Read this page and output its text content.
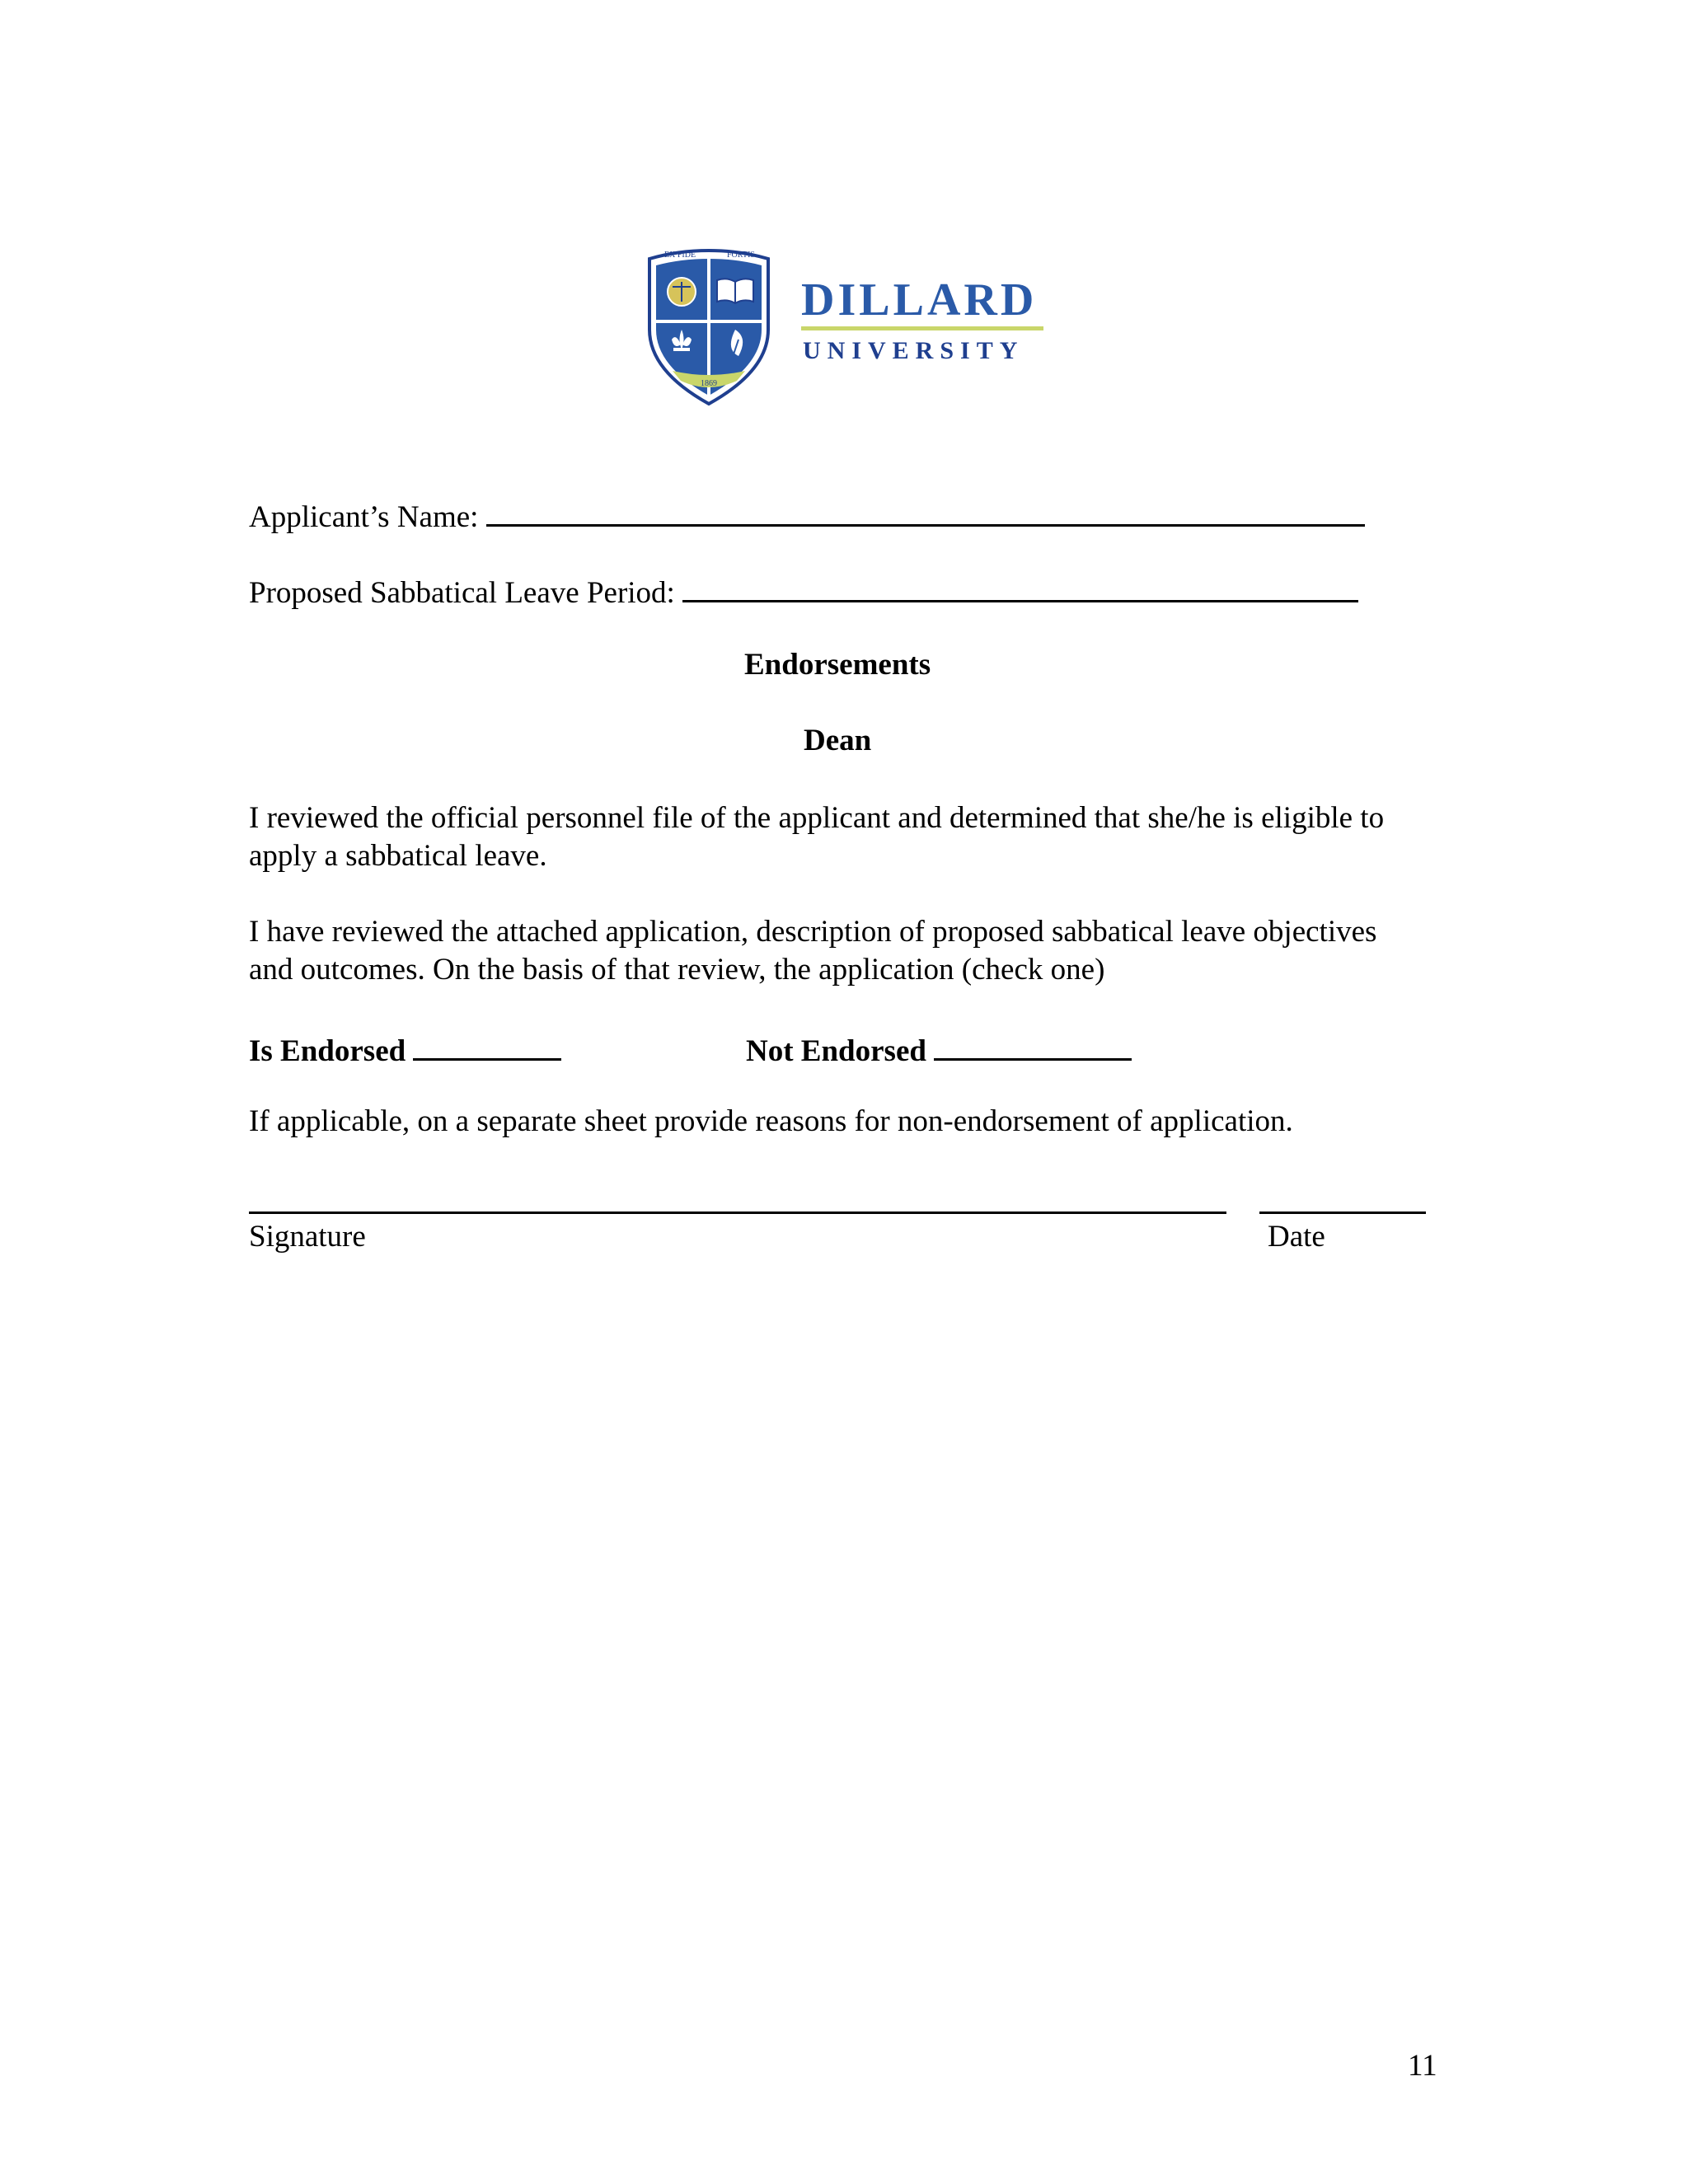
EX FIDE	FORTIS
1869
DILLARD
UNIVERSITY
Applicant’s Name:
Proposed Sabbatical Leave Period:
Endorsements
Dean

I reviewed the official personnel file of the applicant and determined that she/he is eligible to apply a sabbatical leave.

I have reviewed the attached application, description of proposed sabbatical leave objectives and outcomes. On the basis of that review, the application (check one)

Is Endorsed	Not Endorsed
If applicable, on a separate sheet provide reasons for non-endorsement of application.
Signature	Date
11
